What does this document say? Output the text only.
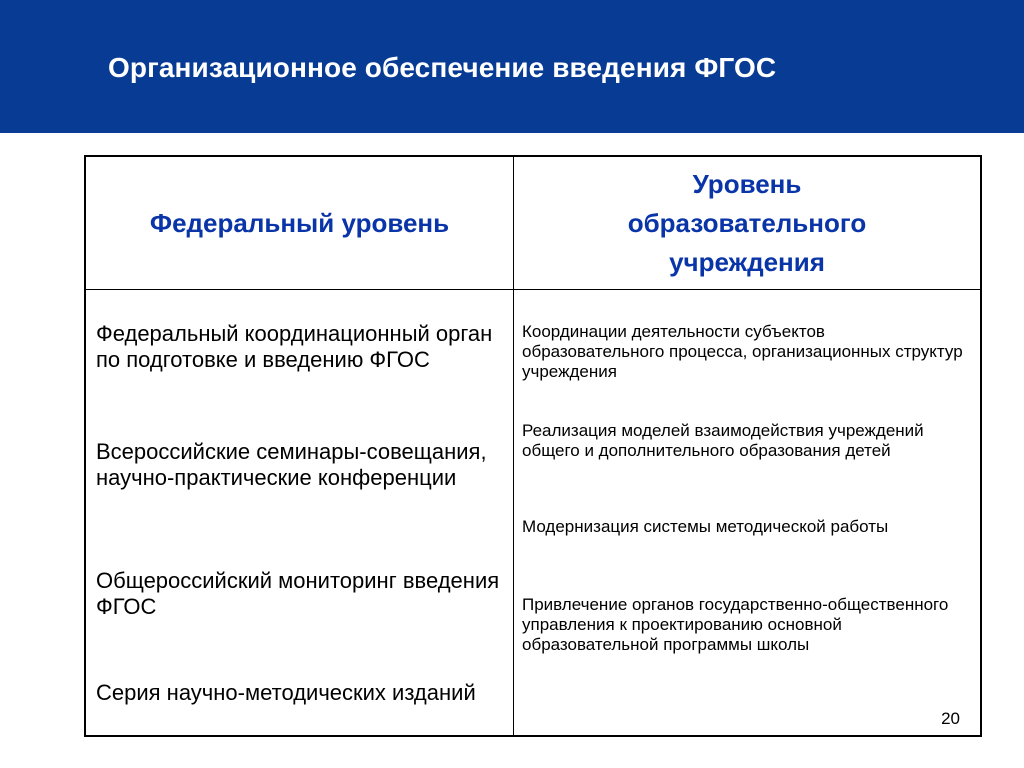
Организационное обеспечение введения ФГОС
Федеральный уровень
Уровень образовательного учреждения
Федеральный координационный орган по подготовке и введению ФГОС
Всероссийские семинары-совещания, научно-практические конференции
Общероссийский мониторинг введения ФГОС
Серия научно-методических изданий
Координации деятельности субъектов образовательного процесса, организационных структур учреждения
Реализация моделей взаимодействия учреждений общего и дополнительного образования детей
Модернизация системы методической работы
Привлечение органов государственно-общественного управления к проектированию основной образовательной программы школы
20
